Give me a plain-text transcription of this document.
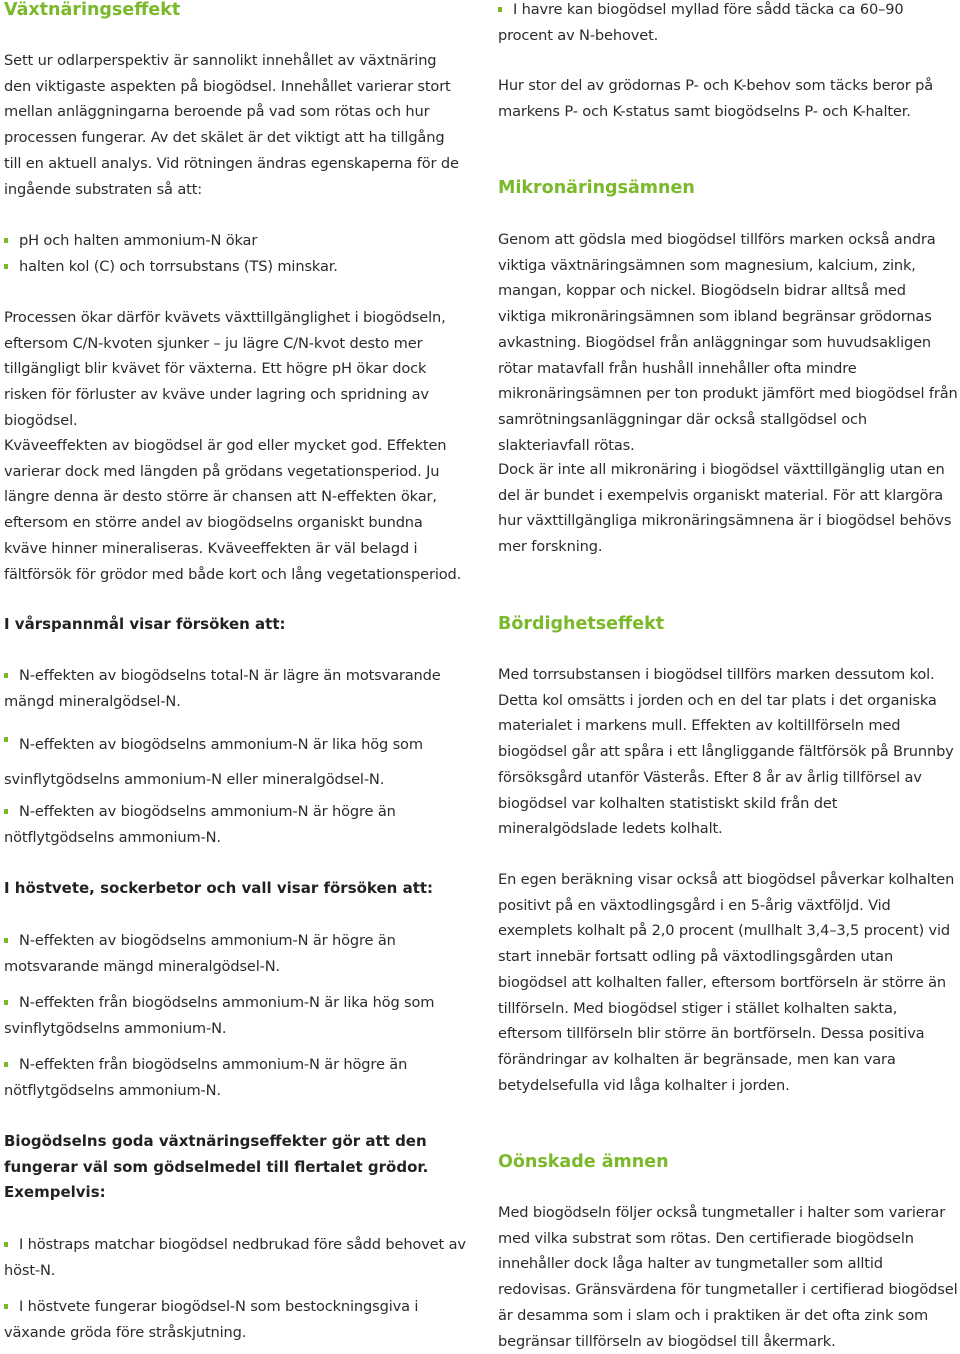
Växtnäringseffekt

Sett ur odlarperspektiv är sannolikt innehållet av växtnäring den viktigaste aspekten på biogödsel. Innehållet varierar stort mellan anläggningarna beroende på vad som rötas och hur processen fungerar. Av det skälet är det viktigt att ha tillgång till en aktuell analys. Vid rötningen ändras egenskaperna för de ingående substraten så att:

pH och halten ammonium-N ökar
halten kol (C) och torrsubstans (TS) minskar.

Processen ökar därför kvävets växttillgänglighet i biogödseln, eftersom C/N-kvoten sjunker – ju lägre C/N-kvot desto mer tillgängligt blir kvävet för växterna. Ett högre pH ökar dock risken för förluster av kväve under lagring och spridning av biogödsel.

Kväveeffekten av biogödsel är god eller mycket god. Effekten varierar dock med längden på grödans vegetationsperiod. Ju längre denna är desto större är chansen att N-effekten ökar, eftersom en större andel av biogödselns organiskt bundna kväve hinner mineraliseras. Kväveeffekten är väl belagd i fältförsök för grödor med både kort och lång vegetationsperiod.

I vårspannmål visar försöken att:
N-effekten av biogödselns total-N är lägre än motsvarande mängd mineralgödsel-N.
N-effekten av biogödselns ammonium-N är lika hög som svinflytgödselns ammonium-N eller mineralgödsel-N.
N-effekten av biogödselns ammonium-N är högre än nötflytgödselns ammonium-N.
I höstvete, sockerbetor och vall visar försöken att:
N-effekten av biogödselns ammonium-N är högre än motsvarande mängd mineralgödsel-N.
N-effekten från biogödselns ammonium-N är lika hög som svinflytgödselns ammonium-N.
N-effekten från biogödselns ammonium-N är högre än nötflytgödselns ammonium-N.
Biogödselns goda växtnäringseffekter gör att den fungerar väl som gödselmedel till flertalet grödor. Exempelvis:
I höstraps matchar biogödsel nedbrukad före sådd behovet av höst-N.
I höstvete fungerar biogödsel-N som bestockningsgiva i växande gröda före stråskjutning.
I havre kan biogödsel myllad före sådd täcka ca 60–90 procent av N-behovet.

Hur stor del av grödornas P- och K-behov som täcks beror på markens P- och K-status samt biogödselns P- och K-halter.

Mikronäringsämnen

Genom att gödsla med biogödsel tillförs marken också andra viktiga växtnäringsämnen som magnesium, kalcium, zink, mangan, koppar och nickel. Biogödseln bidrar alltså med viktiga mikronäringsämnen som ibland begränsar grödornas avkastning. Biogödsel från anläggningar som huvudsakligen rötar matavfall från hushåll innehåller ofta mindre mikronäringsämnen per ton produkt jämfört med biogödsel från samrötningsanläggningar där också stallgödsel och slakteriavfall rötas.

Dock är inte all mikronäring i biogödsel växttillgänglig utan en del är bundet i exempelvis organiskt material. För att klargöra hur växttillgängliga mikronäringsämnena är i biogödsel behövs mer forskning.

Bördighetseffekt

Med torrsubstansen i biogödsel tillförs marken dessutom kol. Detta kol omsätts i jorden och en del tar plats i det organiska materialet i markens mull. Effekten av koltillförseln med biogödsel går att spåra i ett långliggande fältförsök på Brunnby försöksgård utanför Västerås. Efter 8 år av årlig tillförsel av biogödsel var kolhalten statistiskt skild från det mineralgödslade ledets kolhalt.

En egen beräkning visar också att biogödsel påverkar kolhalten positivt på en växtodlingsgård i en 5-årig växtföljd. Vid exemplets kolhalt på 2,0 procent (mullhalt 3,4–3,5 procent) vid start innebär fortsatt odling på växtodlingsgården utan biogödsel att kolhalten faller, eftersom bortförseln är större än tillförseln. Med biogödsel stiger i stället kolhalten sakta, eftersom tillförseln blir större än bortförseln. Dessa positiva förändringar av kolhalten är begränsade, men kan vara betydelsefulla vid låga kolhalter i jorden.

Oönskade ämnen

Med biogödseln följer också tungmetaller i halter som varierar med vilka substrat som rötas. Den certifierade biogödseln innehåller dock låga halter av tungmetaller som alltid redovisas. Gränsvärdena för tungmetaller i certifierad biogödsel är desamma som i slam och i praktiken är det ofta zink som begränsar tillförseln av biogödsel till åkermark.
